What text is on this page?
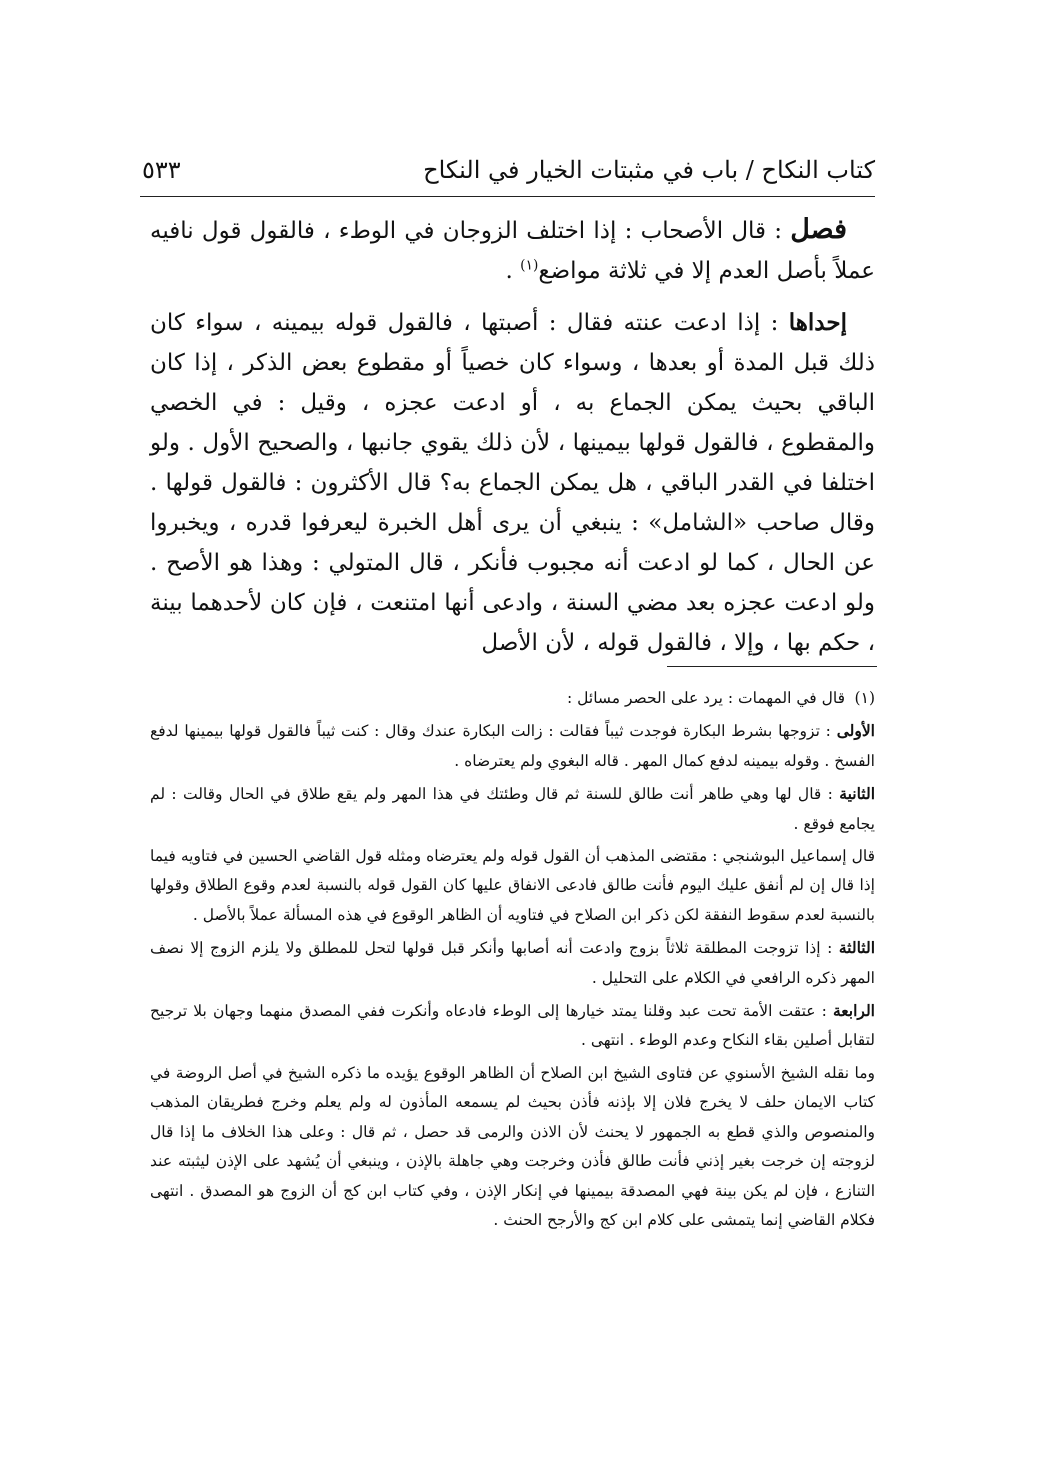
كتاب النكاح / باب في مثبتات الخيار في النكاح
٥٣٣

فصل : قال الأصحاب : إذا اختلف الزوجان في الوطء ، فالقول قول نافيه عملاً بأصل العدم إلا في ثلاثة مواضع$^{(١)}$ .

إحداها : إذا ادعت عنته فقال : أصبتها ، فالقول قوله بيمينه ، سواء كان ذلك قبل المدة أو بعدها ، وسواء كان خصياً أو مقطوع بعض الذكر ، إذا كان الباقي بحيث يمكن الجماع به ، أو ادعت عجزه ، وقيل : في الخصي والمقطوع ، فالقول قولها بيمينها ، لأن ذلك يقوي جانبها ، والصحيح الأول . ولو اختلفا في القدر الباقي ، هل يمكن الجماع به؟ قال الأكثرون : فالقول قولها . وقال صاحب «الشامل» : ينبغي أن يرى أهل الخبرة ليعرفوا قدره ، ويخبروا عن الحال ، كما لو ادعت أنه مجبوب فأنكر ، قال المتولي : وهذا هو الأصح . ولو ادعت عجزه بعد مضي السنة ، وادعى أنها امتنعت ، فإن كان لأحدهما بينة ، حكم بها ، وإلا ، فالقول قوله ، لأن الأصل

(١)
قال في المهمات : يرد على الحصر مسائل :

الأولى : تزوجها بشرط البكارة فوجدت ثيباً فقالت : زالت البكارة عندك وقال : كنت ثيباً فالقول قولها بيمينها لدفع الفسخ . وقوله بيمينه لدفع كمال المهر . قاله البغوي ولم يعترضاه .

الثانية : قال لها وهي طاهر أنت طالق للسنة ثم قال وطئتك في هذا المهر ولم يقع طلاق في الحال وقالت : لم يجامع فوقع .

قال إسماعيل البوشنجي : مقتضى المذهب أن القول قوله ولم يعترضاه ومثله قول القاضي الحسين في فتاويه فيما إذا قال إن لم أنفق عليك اليوم فأنت طالق فادعى الانفاق عليها كان القول قوله بالنسبة لعدم وقوع الطلاق وقولها بالنسبة لعدم سقوط النفقة لكن ذكر ابن الصلاح في فتاويه أن الظاهر الوقوع في هذه المسألة عملاً بالأصل .

الثالثة : إذا تزوجت المطلقة ثلاثاً بزوج وادعت أنه أصابها وأنكر قبل قولها لتحل للمطلق ولا يلزم الزوج إلا نصف المهر ذكره الرافعي في الكلام على التحليل .

الرابعة : عتقت الأمة تحت عبد وقلنا يمتد خيارها إلى الوطء فادعاه وأنكرت ففي المصدق منهما وجهان بلا ترجيح لتقابل أصلين بقاء النكاح وعدم الوطء . انتهى .

وما نقله الشيخ الأسنوي عن فتاوى الشيخ ابن الصلاح أن الظاهر الوقوع يؤيده ما ذكره الشيخ في أصل الروضة في كتاب الايمان حلف لا يخرج فلان إلا بإذنه فأذن بحيث لم يسمعه المأذون له ولم يعلم وخرج فطريقان المذهب والمنصوص والذي قطع به الجمهور لا يحنث لأن الاذن والرمى قد حصل ، ثم قال : وعلى هذا الخلاف ما إذا قال لزوجته إن خرجت بغير إذني فأنت طالق فأذن وخرجت وهي جاهلة بالإذن ، وينبغي أن يُشهد على الإذن ليثبته عند التنازع ، فإن لم يكن بينة فهي المصدقة بيمينها في إنكار الإذن ، وفي كتاب ابن كج أن الزوج هو المصدق . انتهى فكلام القاضي إنما يتمشى على كلام ابن كج والأرجح الحنث .
